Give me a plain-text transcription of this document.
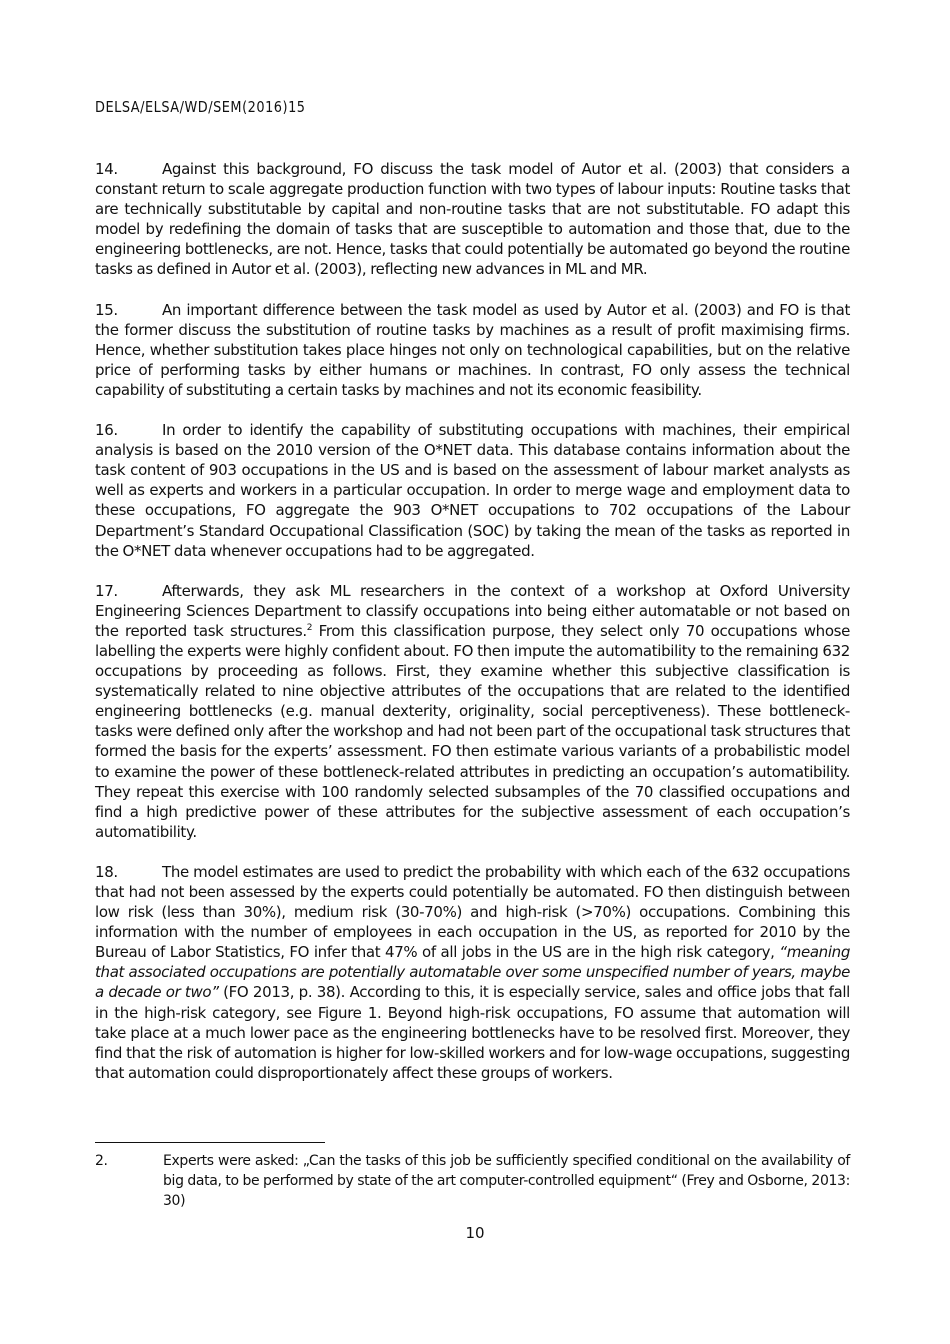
DELSA/ELSA/WD/SEM(2016)15

14.	Against this background, FO discuss the task model of Autor et al. (2003) that considers a constant return to scale aggregate production function with two types of labour inputs: Routine tasks that are technically substitutable by capital and non-routine tasks that are not substitutable. FO adapt this model by redefining the domain of tasks that are susceptible to automation and those that, due to the engineering bottlenecks, are not. Hence, tasks that could potentially be automated go beyond the routine tasks as defined in Autor et al. (2003), reflecting new advances in ML and MR.

15.	An important difference between the task model as used by Autor et al. (2003) and FO is that the former discuss the substitution of routine tasks by machines as a result of profit maximising firms. Hence, whether substitution takes place hinges not only on technological capabilities, but on the relative price of performing tasks by either humans or machines. In contrast, FO only assess the technical capability of substituting a certain tasks by machines and not its economic feasibility.

16.	In order to identify the capability of substituting occupations with machines, their empirical analysis is based on the 2010 version of the O*NET data. This database contains information about the task content of 903 occupations in the US and is based on the assessment of labour market analysts as well as experts and workers in a particular occupation. In order to merge wage and employment data to these occupations, FO aggregate the 903 O*NET occupations to 702 occupations of the Labour Department’s Standard Occupational Classification (SOC) by taking the mean of the tasks as reported in the O*NET data whenever occupations had to be aggregated.

17.	Afterwards, they ask ML researchers in the context of a workshop at Oxford University Engineering Sciences Department to classify occupations into being either automatable or not based on the reported task structures.$^2$ From this classification purpose, they select only 70 occupations whose labelling the experts were highly confident about. FO then impute the automatibility to the remaining 632 occupations by proceeding as follows. First, they examine whether this subjective classification is systematically related to nine objective attributes of the occupations that are related to the identified engineering bottlenecks (e.g. manual dexterity, originality, social perceptiveness). These bottleneck-tasks were defined only after the workshop and had not been part of the occupational task structures that formed the basis for the experts’ assessment. FO then estimate various variants of a probabilistic model to examine the power of these bottleneck-related attributes in predicting an occupation’s automatibility. They repeat this exercise with 100 randomly selected subsamples of the 70 classified occupations and find a high predictive power of these attributes for the subjective assessment of each occupation’s automatibility.

18.	The model estimates are used to predict the probability with which each of the 632 occupations that had not been assessed by the experts could potentially be automated. FO then distinguish between low risk (less than 30%), medium risk (30-70%) and high-risk (>70%) occupations. Combining this information with the number of employees in each occupation in the US, as reported for 2010 by the Bureau of Labor Statistics, FO infer that 47% of all jobs in the US are in the high risk category, “meaning that associated occupations are potentially automatable over some unspecified number of years, maybe a decade or two” (FO 2013, p. 38). According to this, it is especially service, sales and office jobs that fall in the high-risk category, see Figure 1. Beyond high-risk occupations, FO assume that automation will take place at a much lower pace as the engineering bottlenecks have to be resolved first. Moreover, they find that the risk of automation is higher for low-skilled workers and for low-wage occupations, suggesting that automation could disproportionately affect these groups of workers.

2.	Experts were asked: „Can the tasks of this job be sufficiently specified conditional on the availability of big data, to be performed by state of the art computer-controlled equipment“ (Frey and Osborne, 2013: 30)
10
